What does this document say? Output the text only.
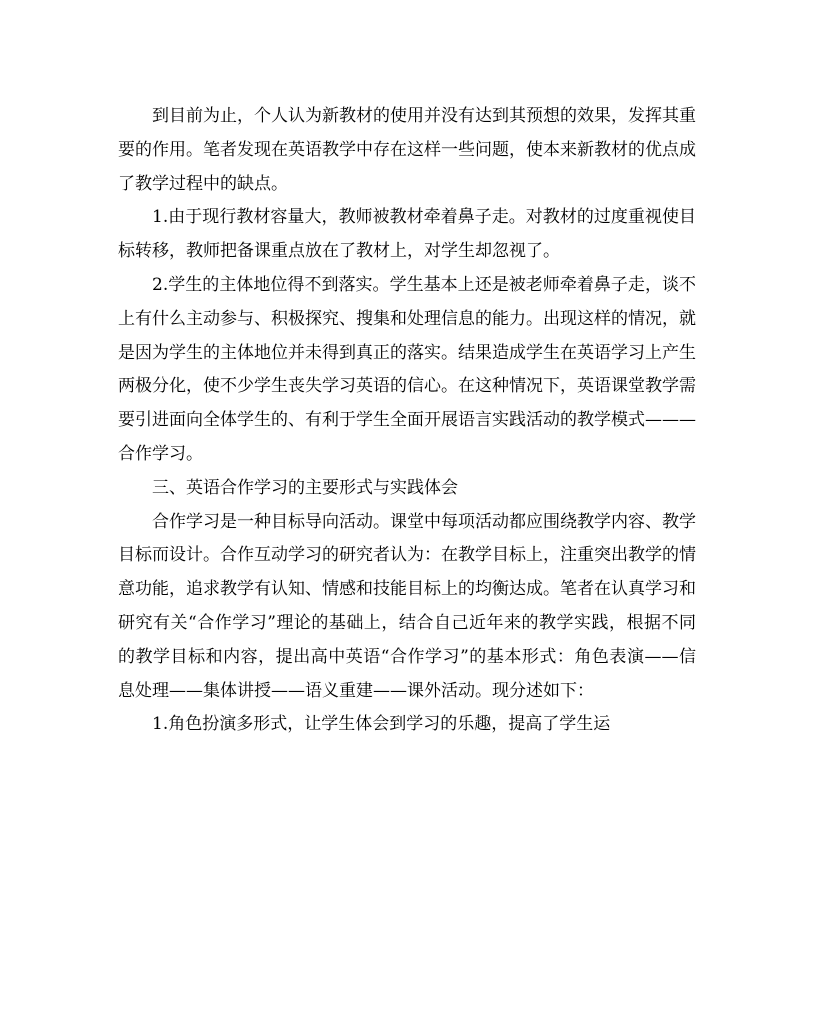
到目前为止，个人认为新教材的使用并没有达到其预想的效果，发挥其重要的作用。笔者发现在英语教学中存在这样一些问题，使本来新教材的优点成了教学过程中的缺点。

1.由于现行教材容量大，教师被教材牵着鼻子走。对教材的过度重视使目标转移，教师把备课重点放在了教材上，对学生却忽视了。

2.学生的主体地位得不到落实。学生基本上还是被老师牵着鼻子走，谈不上有什么主动参与、积极探究、搜集和处理信息的能力。出现这样的情况，就是因为学生的主体地位并未得到真正的落实。结果造成学生在英语学习上产生两极分化，使不少学生丧失学习英语的信心。在这种情况下，英语课堂教学需要引进面向全体学生的、有利于学生全面开展语言实践活动的教学模式———合作学习。

三、英语合作学习的主要形式与实践体会

合作学习是一种目标导向活动。课堂中每项活动都应围绕教学内容、教学目标而设计。合作互动学习的研究者认为：在教学目标上，注重突出教学的情意功能，追求教学有认知、情感和技能目标上的均衡达成。笔者在认真学习和研究有关“合作学习”理论的基础上，结合自己近年来的教学实践，根据不同的教学目标和内容，提出高中英语“合作学习”的基本形式：角色表演——信息处理——集体讲授——语义重建——课外活动。现分述如下：

1.角色扮演多形式，让学生体会到学习的乐趣，提高了学生运
